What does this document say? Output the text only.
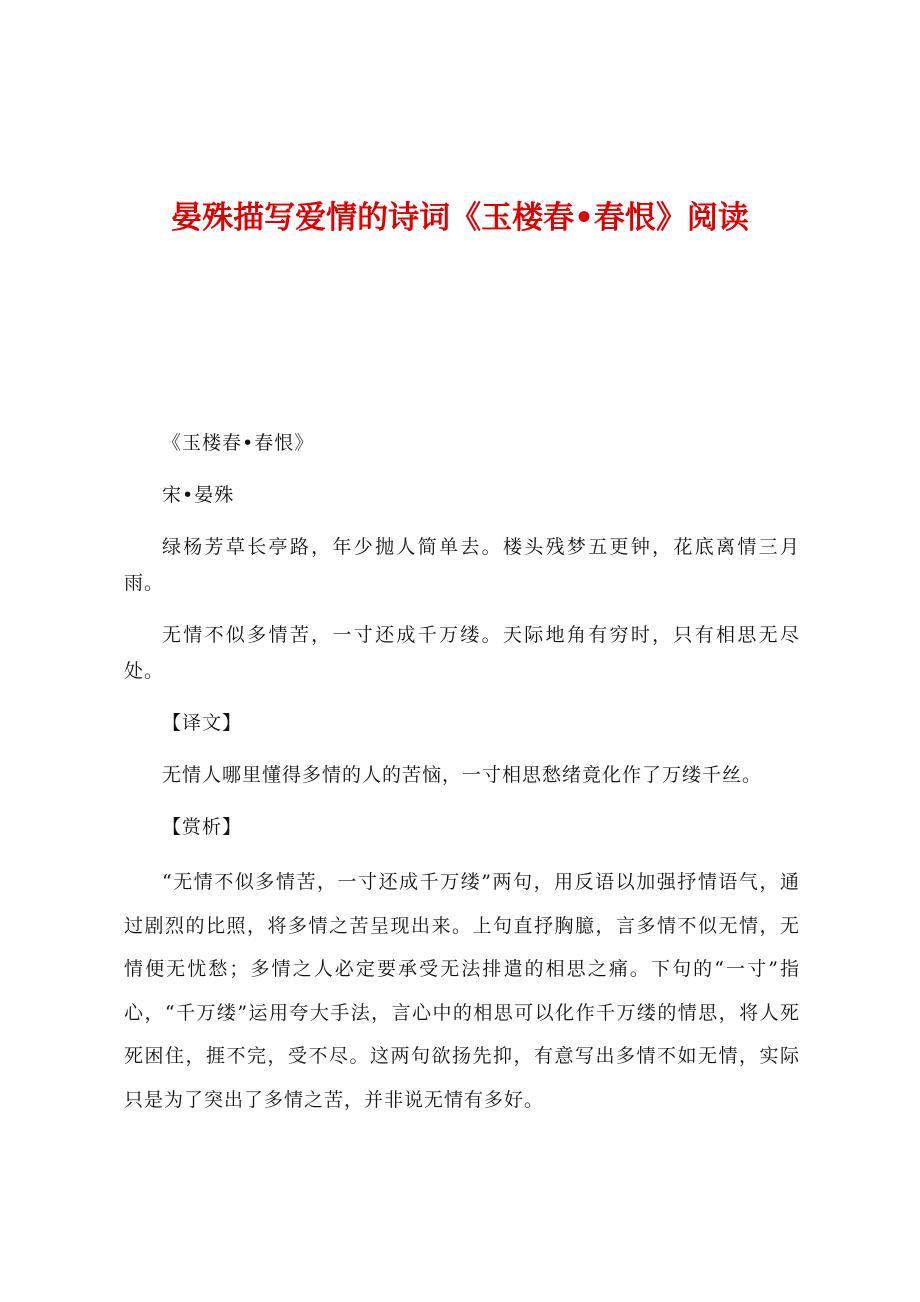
晏殊描写爱情的诗词《玉楼春•春恨》阅读

《玉楼春•春恨》

宋•晏殊

绿杨芳草长亭路，年少抛人简单去。楼头残梦五更钟，花底离情三月雨。

无情不似多情苦，一寸还成千万缕。天际地角有穷时，只有相思无尽处。

【译文】

无情人哪里懂得多情的人的苦恼，一寸相思愁绪竟化作了万缕千丝。

【赏析】

“无情不似多情苦，一寸还成千万缕”两句，用反语以加强抒情语气，通过剧烈的比照，将多情之苦呈现出来。上句直抒胸臆，言多情不似无情，无情便无忧愁；多情之人必定要承受无法排遣的相思之痛。下句的“一寸”指心，“千万缕”运用夸大手法，言心中的相思可以化作千万缕的情思，将人死死困住，捱不完，受不尽。这两句欲扬先抑，有意写出多情不如无情，实际只是为了突出了多情之苦，并非说无情有多好。
